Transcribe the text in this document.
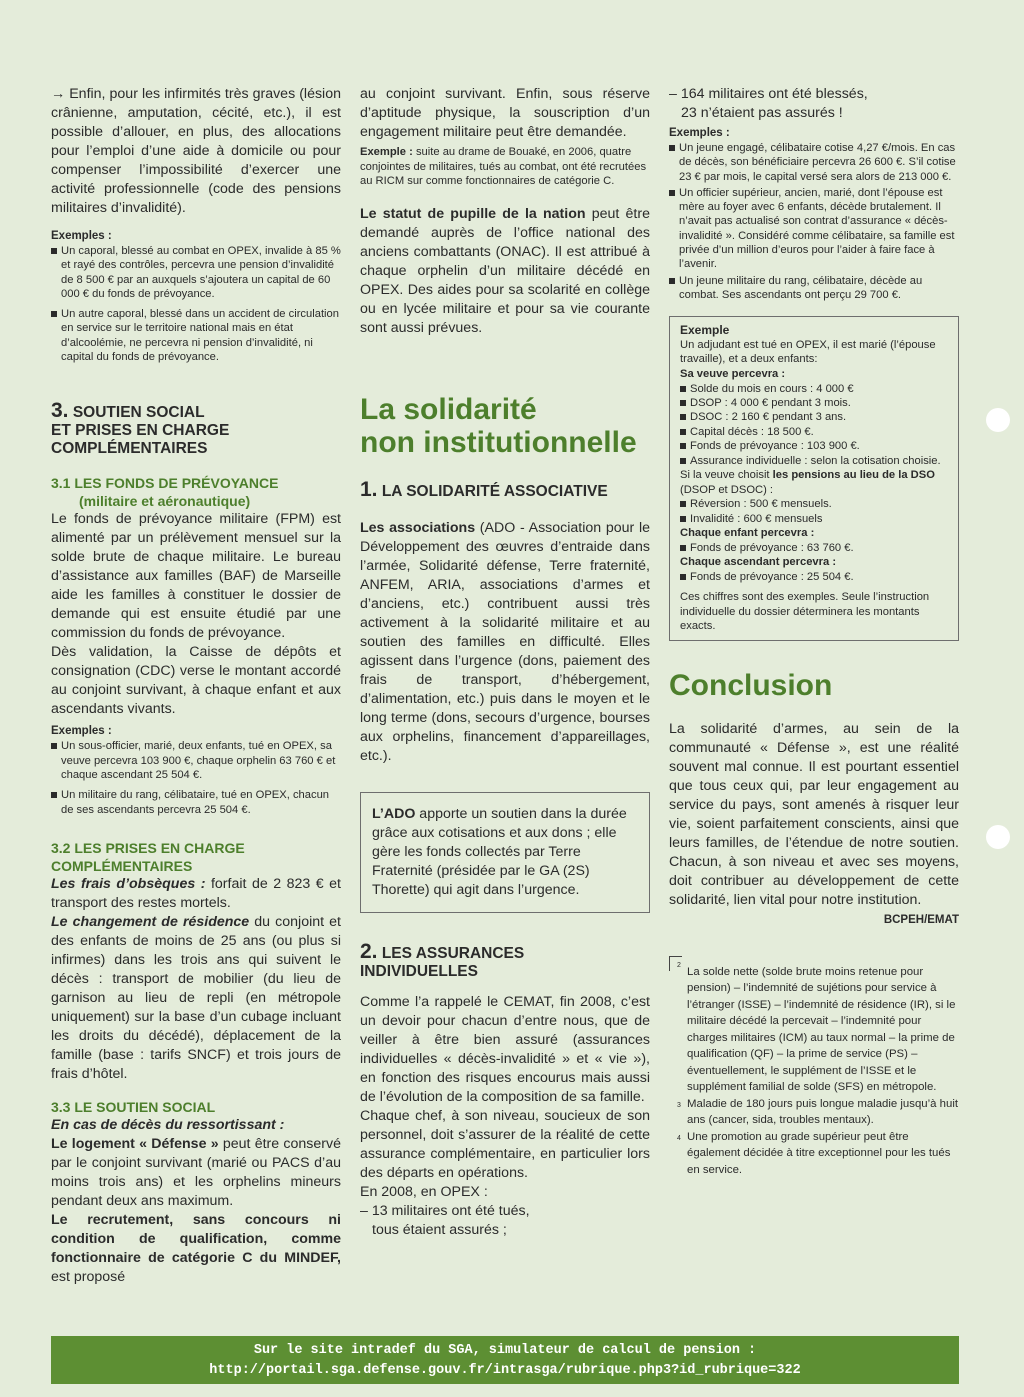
→ Enfin, pour les infirmités très graves (lésion crânienne, amputation, cécité, etc.), il est possible d’allouer, en plus, des allocations pour l’emploi d’une aide à domicile ou pour compenser l’impossibilité d’exercer une activité professionnelle (code des pensions militaires d’invalidité).

Exemples :

Un caporal, blessé au combat en OPEX, invalide à 85 % et rayé des contrôles, percevra une pension d’invalidité de 8 500 € par an auxquels s’ajoutera un capital de 60 000 € du fonds de prévoyance.
Un autre caporal, blessé dans un accident de circulation en service sur le territoire national mais en état d’alcoolémie, ne percevra ni pension d’invalidité, ni capital du fonds de prévoyance.

3. SOUTIEN SOCIAL

ET PRISES EN CHARGE

COMPLÉMENTAIRES

3.1 LES FONDS DE PRÉVOYANCE

(militaire et aéronautique)

Le fonds de prévoyance militaire (FPM) est alimenté par un prélèvement mensuel sur la solde brute de chaque militaire. Le bureau d’assistance aux familles (BAF) de Marseille aide les familles à constituer le dossier de demande qui est ensuite étudié par une commission du fonds de prévoyance.

Dès validation, la Caisse de dépôts et consignation (CDC) verse le montant accordé au conjoint survivant, à chaque enfant et aux ascendants vivants.

Exemples :

Un sous-officier, marié, deux enfants, tué en OPEX, sa veuve percevra 103 900 €, chaque orphelin 63 760 € et chaque ascendant 25 504 €.
Un militaire du rang, célibataire, tué en OPEX, chacun de ses ascendants percevra 25 504 €.

3.2 LES PRISES EN CHARGE

COMPLÉMENTAIRES

Les frais d’obsèques : forfait de 2 823 € et transport des restes mortels.

Le changement de résidence du conjoint et des enfants de moins de 25 ans (ou plus si infirmes) dans les trois ans qui suivent le décès : transport de mobilier (du lieu de garnison au lieu de repli (en métropole uniquement) sur la base d’un cubage incluant les droits du décédé), déplacement de la famille (base : tarifs SNCF) et trois jours de frais d’hôtel.

3.3 LE SOUTIEN SOCIAL

En cas de décès du ressortissant :

Le logement « Défense » peut être conservé par le conjoint survivant (marié ou PACS d’au moins trois ans) et les orphelins mineurs pendant deux ans maximum.

Le recrutement, sans concours ni condition de qualification, comme fonctionnaire de catégorie C du MINDEF, est proposé

au conjoint survivant. Enfin, sous réserve d’aptitude physique, la souscription d’un engagement militaire peut être demandée.

Exemple : suite au drame de Bouaké, en 2006, quatre conjointes de militaires, tués au combat, ont été recrutées au RICM sur comme fonctionnaires de catégorie C.

Le statut de pupille de la nation peut être demandé auprès de l’office national des anciens combattants (ONAC). Il est attribué à chaque orphelin d’un militaire décédé en OPEX. Des aides pour sa scolarité en collège ou en lycée militaire et pour sa vie courante sont aussi prévues.

La solidarité

non institutionnelle

1. LA SOLIDARITÉ ASSOCIATIVE

Les associations (ADO - Association pour le Développement des œuvres d’entraide dans l’armée, Solidarité défense, Terre fraternité, ANFEM, ARIA, associations d’armes et d’anciens, etc.) contribuent aussi très activement à la solidarité militaire et au soutien des familles en difficulté. Elles agissent dans l’urgence (dons, paiement des frais de transport, d’hébergement, d’alimentation, etc.) puis dans le moyen et le long terme (dons, secours d’urgence, bourses aux orphelins, financement d’appareillages, etc.).

L’ADO apporte un soutien dans la durée grâce aux cotisations et aux dons ; elle gère les fonds collectés par Terre Fraternité (présidée par le GA (2S) Thorette) qui agit dans l’urgence.

2. LES ASSURANCES

INDIVIDUELLES

Comme l’a rappelé le CEMAT, fin 2008, c’est un devoir pour chacun d’entre nous, que de veiller à être bien assuré (assurances individuelles « décès-invalidité » et « vie »), en fonction des risques encourus mais aussi de l’évolution de la composition de sa famille.

Chaque chef, à son niveau, soucieux de son personnel, doit s’assurer de la réalité de cette assurance complémentaire, en particulier lors des départs en opérations.

En 2008, en OPEX :

– 13 militaires ont été tués,

tous étaient assurés ;

– 164 militaires ont été blessés,

23 n’étaient pas assurés !

Exemples :

Un jeune engagé, célibataire cotise 4,27 €/mois. En cas de décès, son bénéficiaire percevra 26 600 €. S’il cotise 23 € par mois, le capital versé sera alors de 213 000 €.
Un officier supérieur, ancien, marié, dont l’épouse est mère au foyer avec 6 enfants, décède brutalement. Il n’avait pas actualisé son contrat d’assurance « décès-invalidité ». Considéré comme célibataire, sa famille est privée d’un million d’euros pour l’aider à faire face à l’avenir.
Un jeune militaire du rang, célibataire, décède au combat. Ses ascendants ont perçu 29 700 €.

Exemple

Un adjudant est tué en OPEX, il est marié (l’épouse travaille), et a deux enfants:

Sa veuve percevra :

Solde du mois en cours : 4 000 €
DSOP : 4 000 € pendant 3 mois.
DSOC : 2 160 € pendant 3 ans.
Capital décès : 18 500 €.
Fonds de prévoyance : 103 900 €.
Assurance individuelle : selon la cotisation choisie.

Si la veuve choisit les pensions au lieu de la DSO (DSOP et DSOC) :

Réversion : 500 € mensuels.
Invalidité : 600 € mensuels

Chaque enfant percevra :

Fonds de prévoyance : 63 760 €.

Chaque ascendant percevra :

Fonds de prévoyance : 25 504 €.

Ces chiffres sont des exemples. Seule l’instruction individuelle du dossier déterminera les montants exacts.

Conclusion

La solidarité d’armes, au sein de la communauté « Défense », est une réalité souvent mal connue. Il est pourtant essentiel que tous ceux qui, par leur engagement au service du pays, sont amenés à risquer leur vie, soient parfaitement conscients, ainsi que leurs familles, de l’étendue de notre soutien. Chacun, à son niveau et avec ses moyens, doit contribuer au développement de cette solidarité, lien vital pour notre institution.

BCPEH/EMAT

2
La solde nette (solde brute moins retenue pour pension) – l’indemnité de sujétions pour service à l’étranger (ISSE) – l’indemnité de résidence (IR), si le militaire décédé la percevait – l’indemnité pour charges militaires (ICM) au taux normal – la prime de qualification (QF) – la prime de service (PS) – éventuellement, le supplément de l’ISSE et le supplément familial de solde (SFS) en métropole.

3 Maladie de 180 jours puis longue maladie jusqu’à huit ans (cancer, sida, troubles mentaux).

4 Une promotion au grade supérieur peut être également décidée à titre exceptionnel pour les tués en service.

Sur le site intradef du SGA, simulateur de calcul de pension :
http://portail.sga.defense.gouv.fr/intrasga/rubrique.php3?id_rubrique=322
